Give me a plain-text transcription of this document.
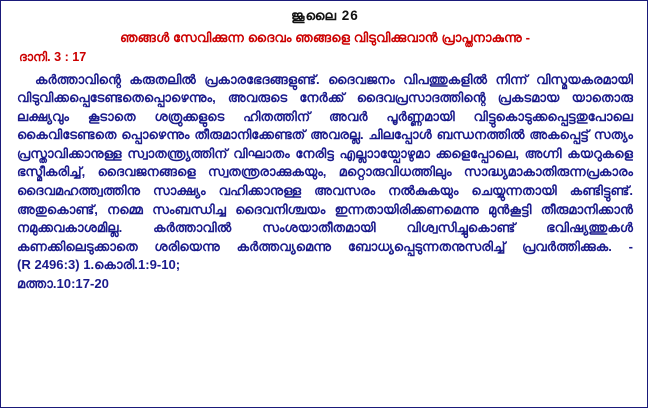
ജൂലൈ 26
ഞങ്ങൾ സേവിക്കുന്ന ദൈവം ഞങ്ങളെ വിടുവിക്കുവാൻ പ്രാപ്തനാകുന്നു -
ദാനി. 3 : 17

കർത്താവിന്റെ കരുതലിൽ പ്രകാരഭേദങ്ങളുണ്ട്. ദൈവജനം വിപത്തുകളിൽ നിന്ന് വിസ്മയകരമായി വിടുവിക്കപ്പെടേണ്ടതെപ്പൊഴെന്നും, അവരുടെ നേർക്ക് ദൈവപ്രസാദത്തിന്റെ പ്രകടമായ യാതൊരു ലക്ഷ്യവും കൂടാതെ ശത്രുക്കളുടെ ഹിതത്തിന് അവർ പൂർണ്ണമായി വിട്ടുകൊടുക്കപ്പെട്ടതുപോലെ കൈവിടേണ്ടതെ പ്പൊഴെന്നും തീരുമാനിക്കേണ്ടത് അവരല്ല. ചിലപ്പോൾ ബന്ധനത്തിൽ അകപ്പെട്ട് സത്യം പ്രസ്താവിക്കാനുള്ള സ്വാതന്ത്ര്യത്തിന് വിഘാതം നേരിട്ട എല്ലാായ്പോഴുമാ ക്കളെപ്പോലെ, അഗ്നി കയറുകളെ ഭസ്മീകരിച്ച്, ദൈവജനങ്ങളെ സ്വതന്ത്രരാക്കുകയും, മറ്റൊരുവിധത്തിലും സാദ്ധ്യമാകാതിരുന്നപ്രകാരം ദൈവമഹത്ത്വത്തിനു സാക്ഷ്യം വഹിക്കാനുള്ള അവസരം നൽകുകയും ചെയ്യുന്നതായി കണ്ടിട്ടുണ്ട്. അതുകൊണ്ട്, നമ്മെ സംബന്ധിച്ച ദൈവനിശ്ചയം ഇന്നതായിരിക്കണമെന്നു മുൻകൂട്ടി തീരുമാനിക്കാൻ നമുക്കവകാശമില്ല. കർത്താവിൽ സംശയാതീതമായി വിശ്വസിച്ചുകൊണ്ട് ഭവിഷ്യത്തുകൾ കണക്കിലെടുക്കാതെ ശരിയെന്നു കർത്തവ്യമെന്നു ബോധ്യപ്പെടുന്നതനുസരിച്ച് പ്രവർത്തിക്കുക. - (R 2496:3) 1.കൊരി.1:9-10;
മത്താ.10:17-20
